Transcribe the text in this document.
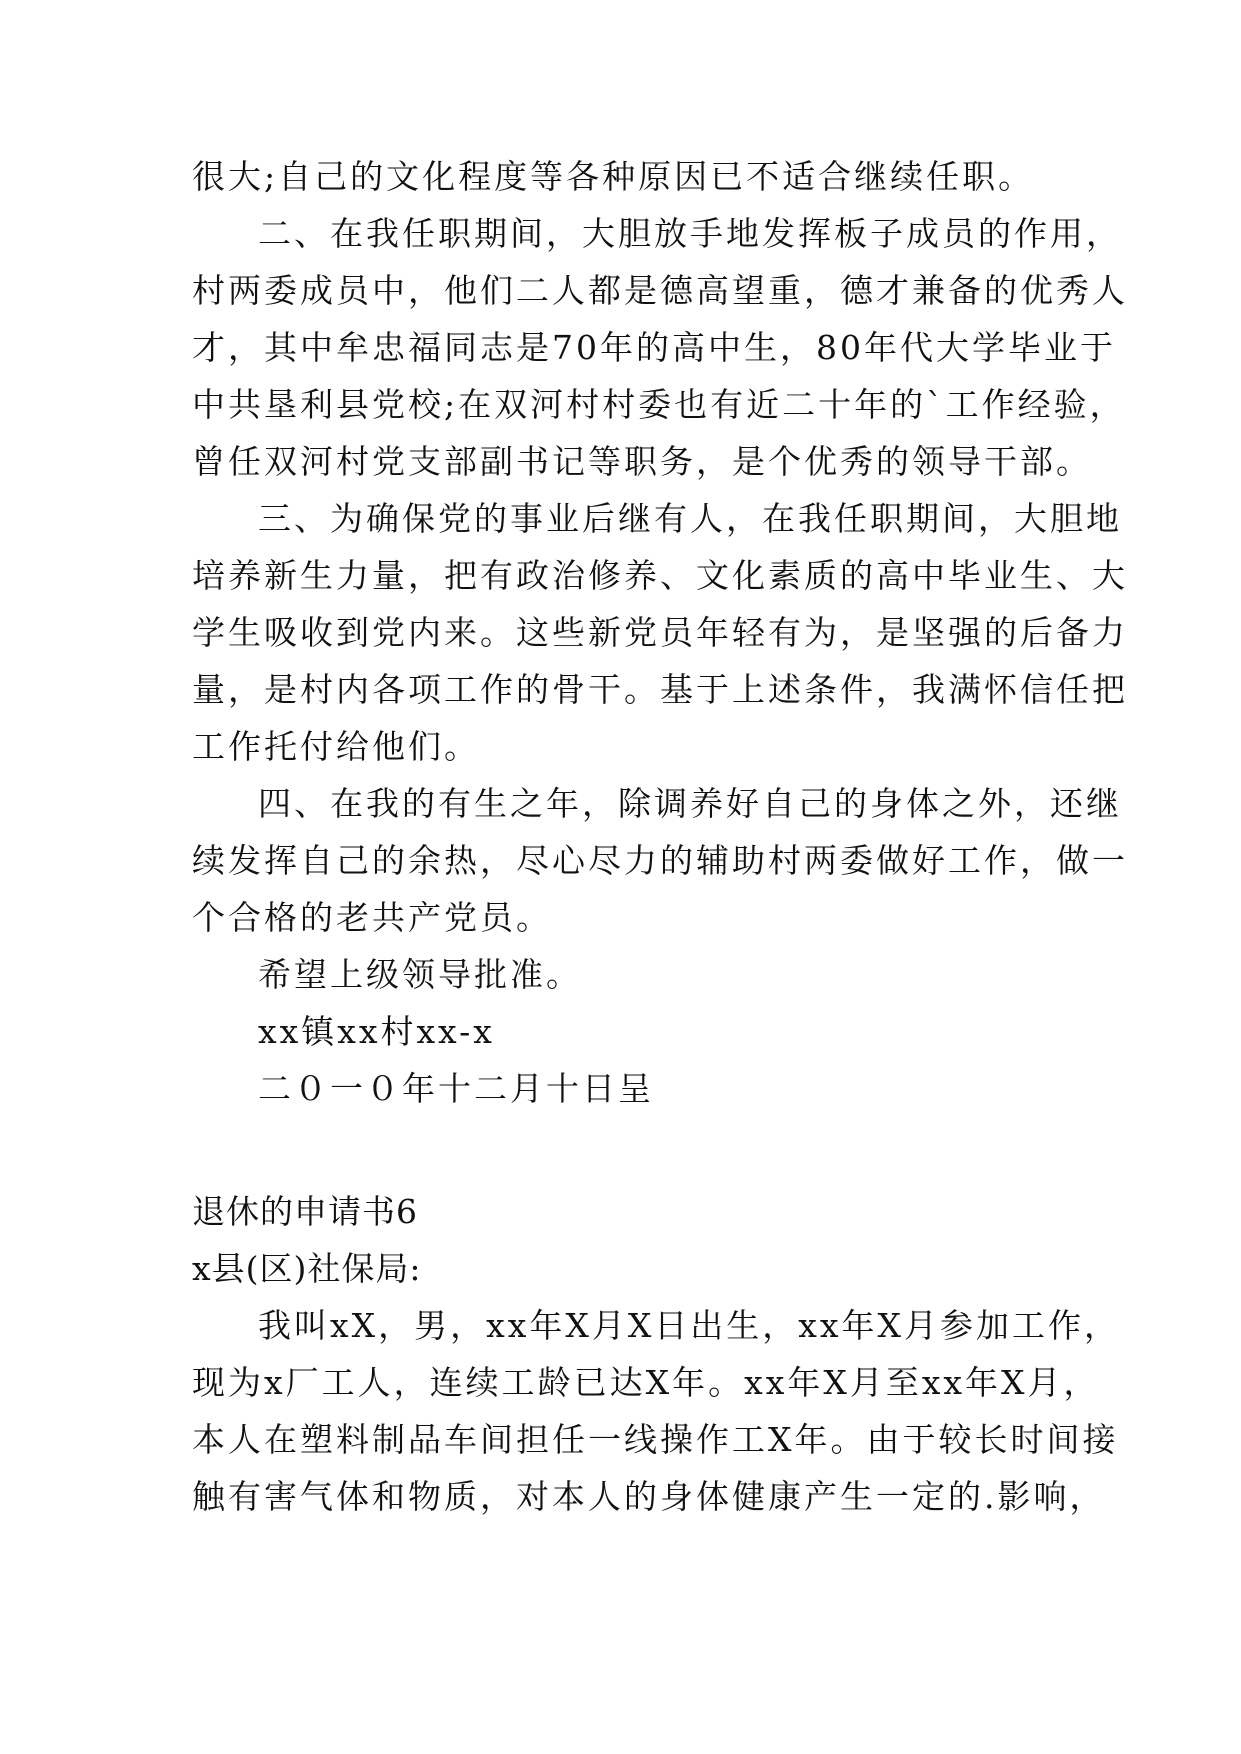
很大;自己的文化程度等各种原因已不适合继续任职。
二、在我任职期间，大胆放手地发挥板子成员的作用，
村两委成员中，他们二人都是德高望重，德才兼备的优秀人
才，其中牟忠福同志是70年的高中生，80年代大学毕业于
中共垦利县党校;在双河村村委也有近二十年的`工作经验，
曾任双河村党支部副书记等职务，是个优秀的领导干部。
三、为确保党的事业后继有人，在我任职期间，大胆地
培养新生力量，把有政治修养、文化素质的高中毕业生、大
学生吸收到党内来。这些新党员年轻有为，是坚强的后备力
量，是村内各项工作的骨干。基于上述条件，我满怀信任把
工作托付给他们。
四、在我的有生之年，除调养好自己的身体之外，还继
续发挥自己的余热，尽心尽力的辅助村两委做好工作，做一
个合格的老共产党员。
希望上级领导批准。
xx镇xx村xx-x
二０一０年十二月十日呈
退休的申请书6
x县(区)社保局:
我叫xX，男，xx年X月X日出生，xx年X月参加工作，
现为x厂工人，连续工龄已达X年。xx年X月至xx年X月，
本人在塑料制品车间担任一线操作工X年。由于较长时间接
触有害气体和物质，对本人的身体健康产生一定的.影响，
